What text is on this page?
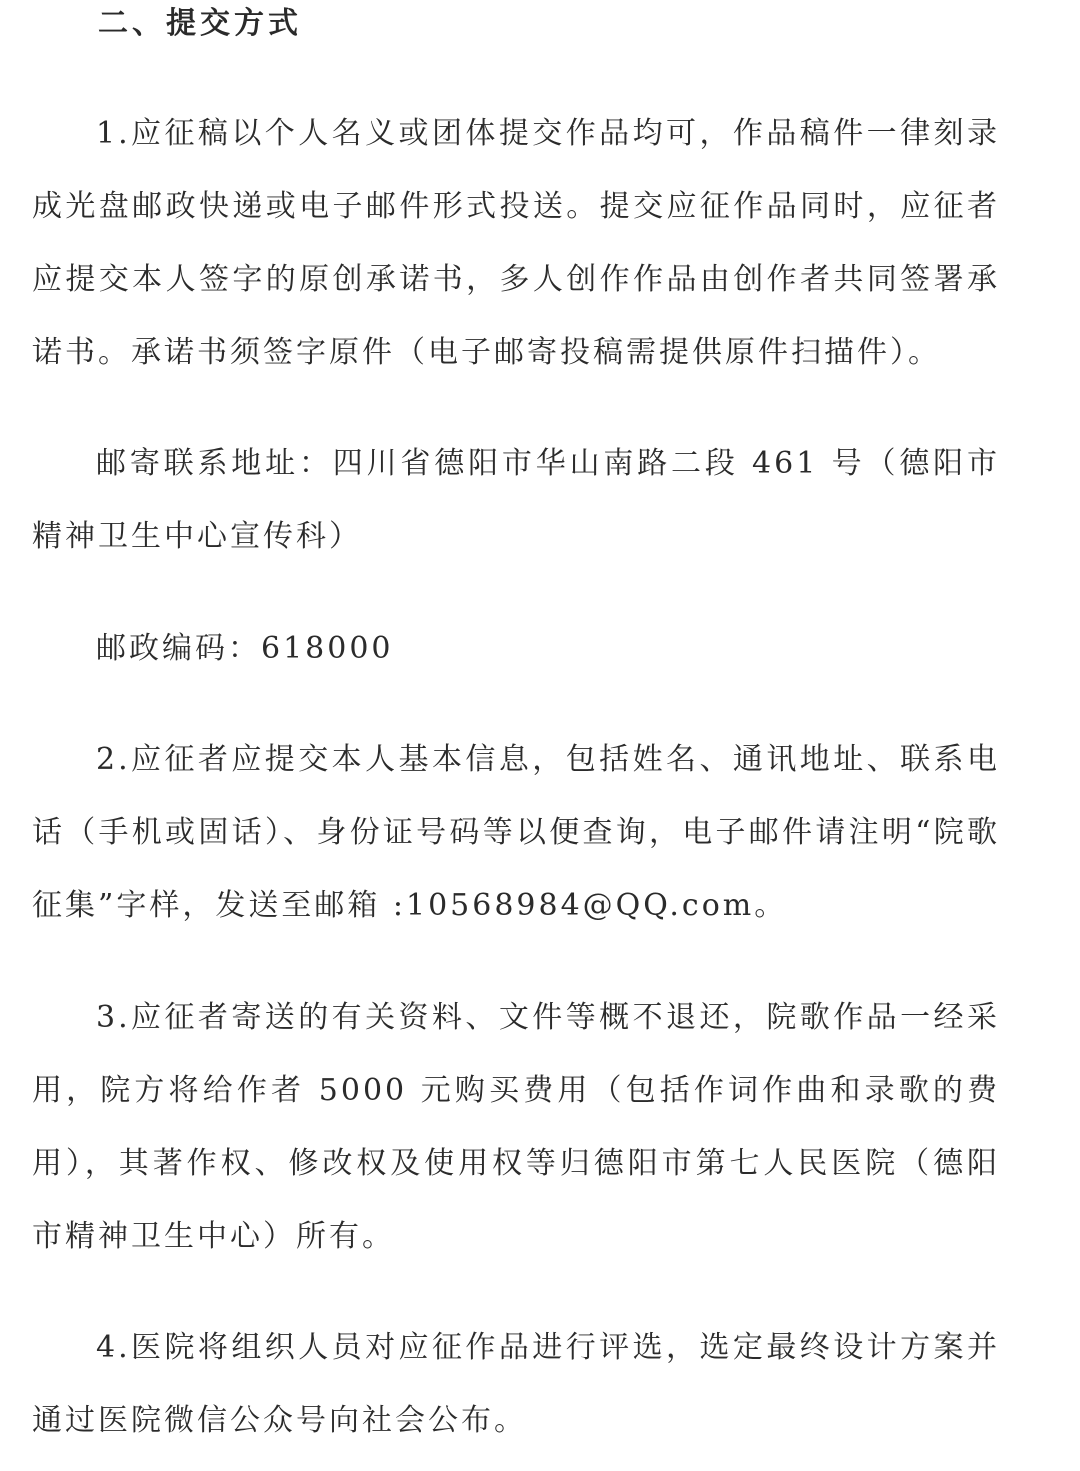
二、提交方式

1.应征稿以个人名义或团体提交作品均可，作品稿件一律刻录成光盘邮政快递或电子邮件形式投送。提交应征作品同时，应征者应提交本人签字的原创承诺书，多人创作作品由创作者共同签署承诺书。承诺书须签字原件（电子邮寄投稿需提供原件扫描件）。

邮寄联系地址：四川省德阳市华山南路二段 461 号（德阳市精神卫生中心宣传科）

邮政编码：618000

2.应征者应提交本人基本信息，包括姓名、通讯地址、联系电话（手机或固话）、身份证号码等以便查询，电子邮件请注明“院歌征集”字样，发送至邮箱 :10568984@QQ.com。

3.应征者寄送的有关资料、文件等概不退还，院歌作品一经采用，院方将给作者 5000 元购买费用（包括作词作曲和录歌的费用），其著作权、修改权及使用权等归德阳市第七人民医院（德阳市精神卫生中心）所有。

4.医院将组织人员对应征作品进行评选，选定最终设计方案并通过医院微信公众号向社会公布。
